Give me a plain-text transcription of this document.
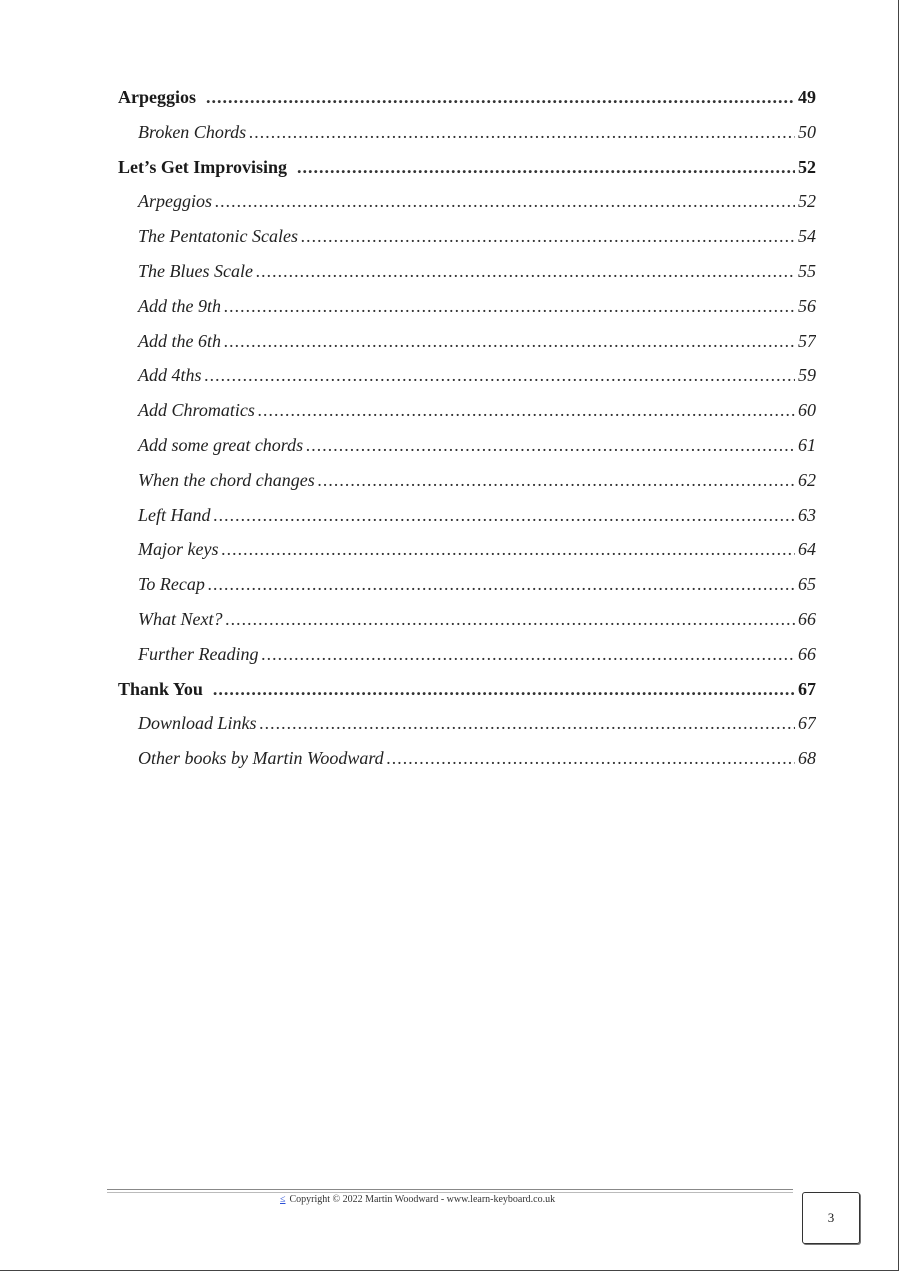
Arpeggios .....	49
Broken Chords .....	50
Let’s Get Improvising .....	52
Arpeggios .....	52
The Pentatonic Scales .....	54
The Blues Scale .....	55
Add the 9th .....	56
Add the 6th .....	57
Add 4ths .....	59
Add Chromatics .....	60
Add some great chords .....	61
When the chord changes .....	62
Left Hand .....	63
Major keys .....	64
To Recap .....	65
What Next? .....	66
Further Reading .....	66
Thank You .....	67
Download Links .....	67
Other books by Martin Woodward .....	68
≤ Copyright © 2022 Martin Woodward - www.learn-keyboard.co.uk
3
